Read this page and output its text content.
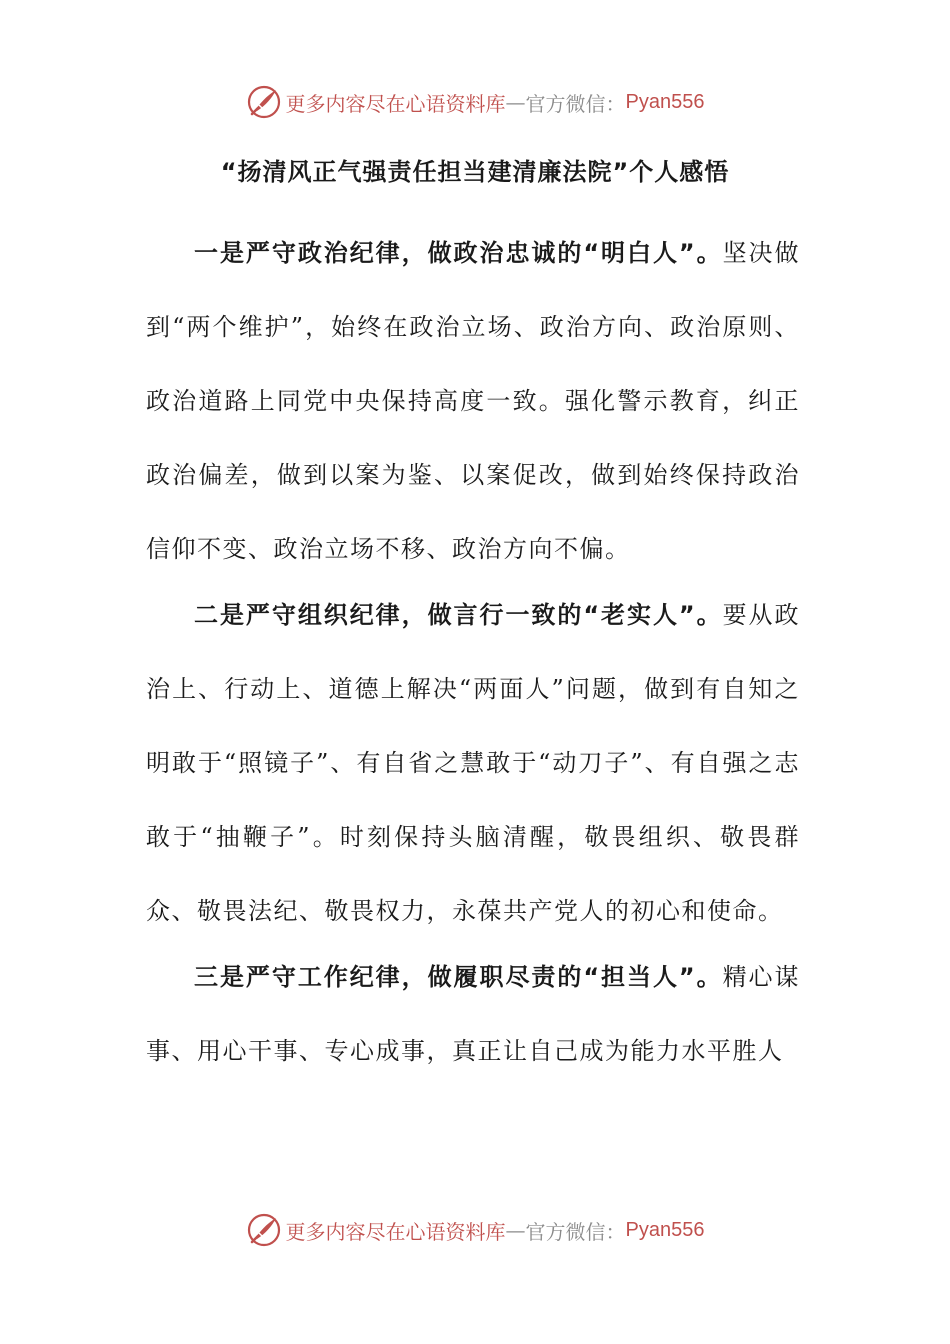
更多内容尽在心语资料库 — 官方微信： Pyan556
“扬清风正气强责任担当建清廉法院”个人感悟

一是严守政治纪律，做政治忠诚的“明白人”。坚决做到“两个维护”，始终在政治立场、政治方向、政治原则、政治道路上同党中央保持高度一致。强化警示教育，纠正政治偏差，做到以案为鉴、以案促改，做到始终保持政治信仰不变、政治立场不移、政治方向不偏。

二是严守组织纪律，做言行一致的“老实人”。要从政治上、行动上、道德上解决“两面人”问题，做到有自知之明敢于“照镜子”、有自省之慧敢于“动刀子”、有自强之志敢于“抽鞭子”。时刻保持头脑清醒，敬畏组织、敬畏群众、敬畏法纪、敬畏权力，永葆共产党人的初心和使命。

三是严守工作纪律，做履职尽责的“担当人”。精心谋事、用心干事、专心成事，真正让自己成为能力水平胜人

更多内容尽在心语资料库 — 官方微信： Pyan556
